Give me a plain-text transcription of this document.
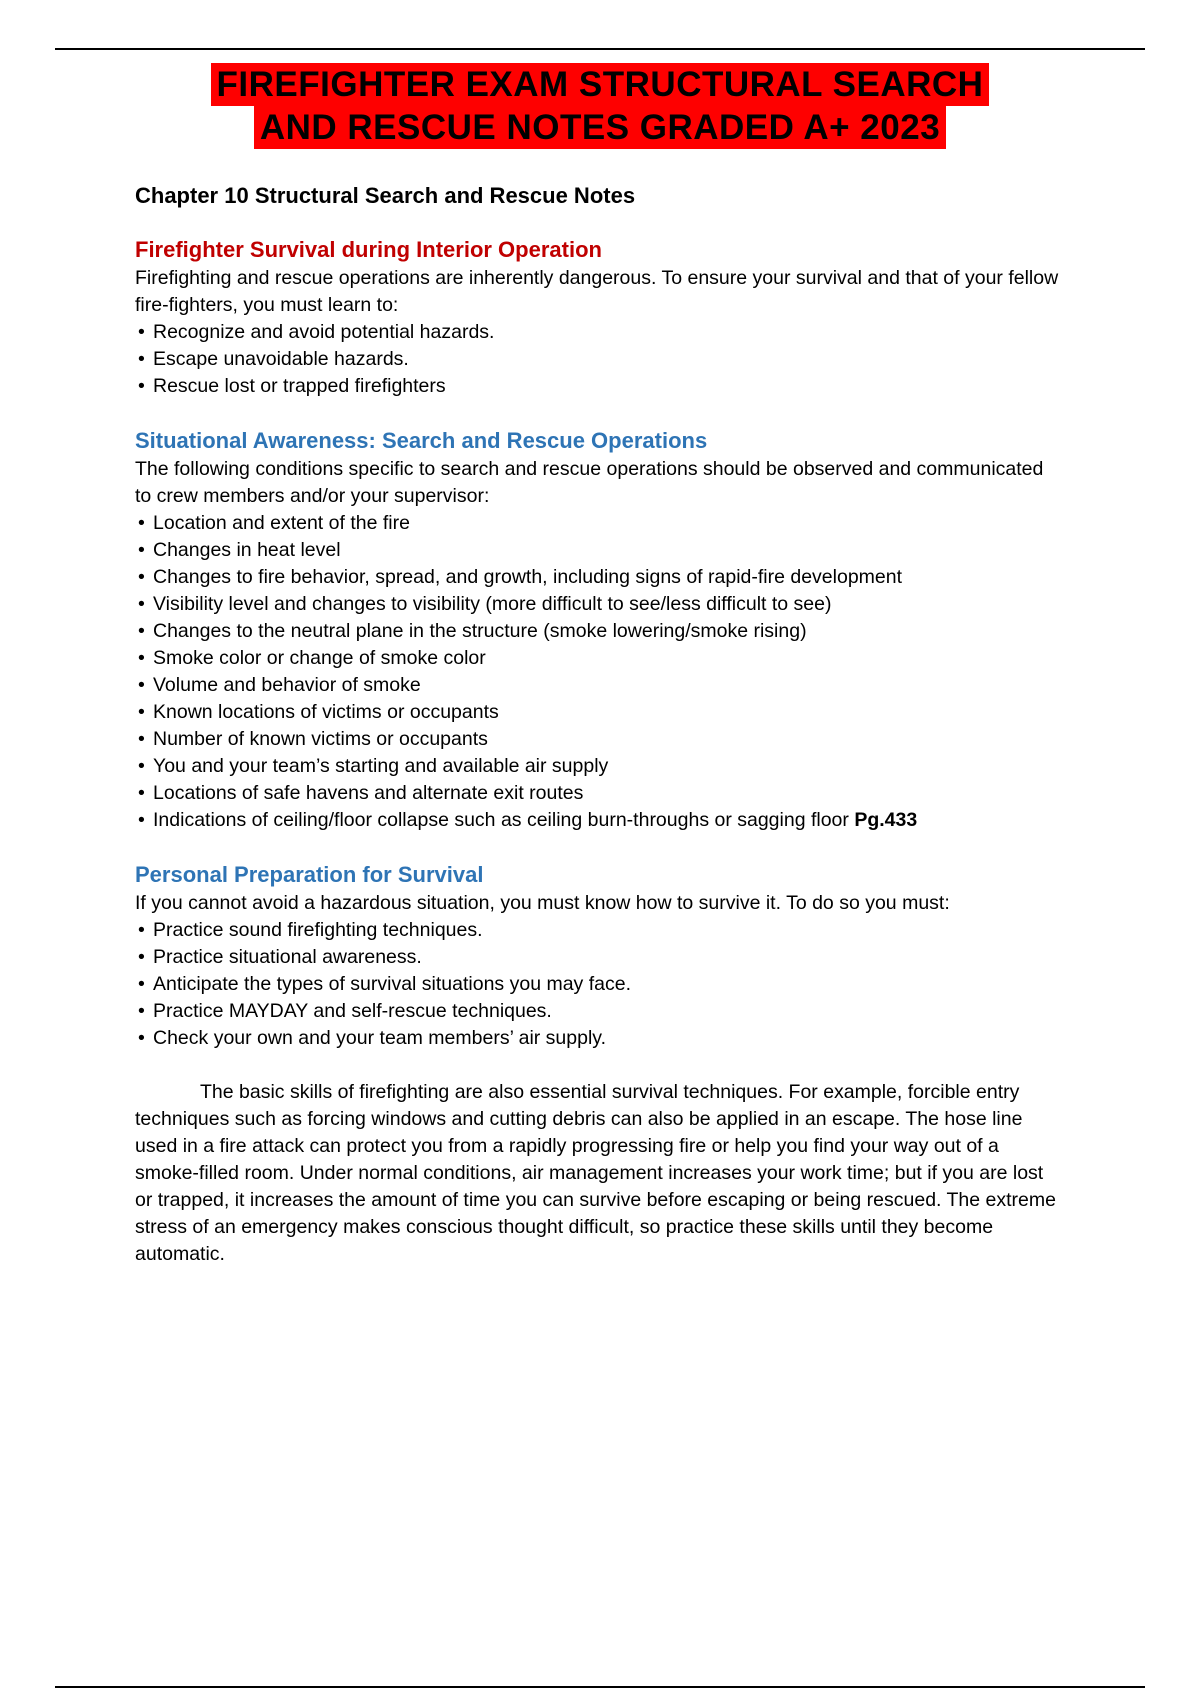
FIREFIGHTER EXAM STRUCTURAL SEARCH
AND RESCUE NOTES GRADED A+ 2023
Chapter 10 Structural Search and Rescue Notes
Firefighter Survival during Interior Operation

Firefighting and rescue operations are inherently dangerous. To ensure your survival and that of your fellow fire-fighters, you must learn to:

• Recognize and avoid potential hazards.
• Escape unavoidable hazards.
• Rescue lost or trapped firefighters
Situational Awareness: Search and Rescue Operations

The following conditions specific to search and rescue operations should be observed and communicated to crew members and/or your supervisor:

• Location and extent of the fire
• Changes in heat level
• Changes to fire behavior, spread, and growth, including signs of rapid-fire development
• Visibility level and changes to visibility (more difficult to see/less difficult to see)
• Changes to the neutral plane in the structure (smoke lowering/smoke rising)
• Smoke color or change of smoke color
• Volume and behavior of smoke
• Known locations of victims or occupants
• Number of known victims or occupants
• You and your team’s starting and available air supply
• Locations of safe havens and alternate exit routes
• Indications of ceiling/floor collapse such as ceiling burn-throughs or sagging floor Pg.433
Personal Preparation for Survival

If you cannot avoid a hazardous situation, you must know how to survive it. To do so you must:

• Practice sound firefighting techniques.
• Practice situational awareness.
• Anticipate the types of survival situations you may face.
• Practice MAYDAY and self-rescue techniques.
• Check your own and your team members’ air supply.

The basic skills of firefighting are also essential survival techniques. For example, forcible entry techniques such as forcing windows and cutting debris can also be applied in an escape. The hose line used in a fire attack can protect you from a rapidly progressing fire or help you find your way out of a smoke-filled room. Under normal conditions, air management increases your work time; but if you are lost or trapped, it increases the amount of time you can survive before escaping or being rescued. The extreme stress of an emergency makes conscious thought difficult, so practice these skills until they become automatic.
